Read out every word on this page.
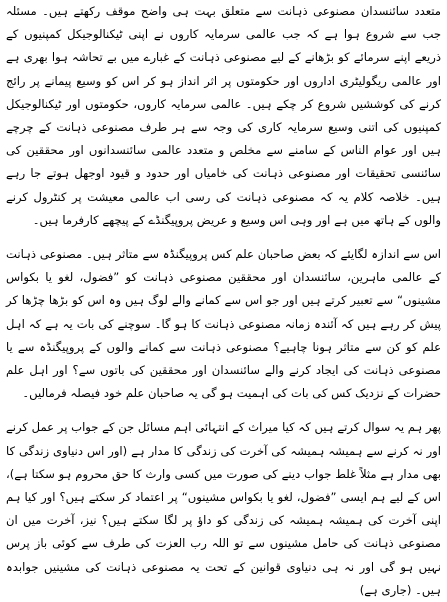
متعدد سائنسدان مصنوعی ذہانت سے متعلق بہت ہی واضح موقف رکھتے ہیں۔ مسئلہ جب سے شروع ہوا ہے کہ جب عالمی سرمایہ کاروں نے اپنی ٹیکنالوجیکل کمپنیوں کے ذریعے اپنے سرمائے کو بڑھانے کے لیے مصنوعی ذہانت کے غبارے میں بے تحاشہ ہوا بھری ہے اور عالمی ریگولیٹری اداروں اور حکومتوں پر اثر انداز ہو کر اس کو وسیع پیمانے پر رائج کرنے کی کوششیں شروع کر چکے ہیں۔ عالمی سرمایہ کاروں، حکومتوں اور ٹیکنالوجیکل کمپنیوں کی اتنی وسیع سرمایہ کاری کی وجہ سے ہر طرف مصنوعی ذہانت کے چرچے ہیں اور عوام الناس کے سامنے سے مخلص و متعدد عالمی سائنسدانوں اور محققین کی سائنسی تحقیقات اور مصنوعی ذہانت کی خامیاں اور حدود و قیود اوجھل ہوتے جا رہے ہیں۔ خلاصہ کلام یہ کہ مصنوعی ذہانت کی رسی اب عالمی معیشت پر کنٹرول کرنے والوں کے ہاتھ میں ہے اور وہی اس وسیع و عریض پروپیگنڈے کے پیچھے کارفرما ہیں۔

اس سے اندازہ لگایئے کہ بعض صاحبان علم کس پروپیگنڈہ سے متاثر ہیں۔ مصنوعی ذہانت کے عالمی ماہرین، سائنسدان اور محققین مصنوعی ذہانت کو ”فضول، لغو یا بکواس مشینوں“ سے تعبیر کرتے ہیں اور جو اس سے کمانے والے لوگ ہیں وہ اس کو بڑھا چڑھا کر پیش کر رہے ہیں کہ آئندہ زمانہ مصنوعی ذہانت کا ہو گا۔ سوچنے کی بات یہ ہے کہ اہل علم کو کن سے متاثر ہونا چاہیے؟ مصنوعی ذہانت سے کمانے والوں کے پروپیگنڈہ سے یا مصنوعی ذہانت کی ایجاد کرنے والے سائنسدان اور محققین کی باتوں سے؟ اور اہل علم حضرات کے نزدیک کس کی بات کی اہمیت ہو گی یہ صاحبان علم خود فیصلہ فرمالیں۔

پھر ہم یہ سوال کرتے ہیں کہ کیا میراث کے انتہائی اہم مسائل جن کے جواب پر عمل کرنے اور نہ کرنے سے ہمیشہ ہمیشہ کی آخرت کی زندگی کا مدار ہے (اور اس دنیاوی زندگی کا بھی مدار ہے مثلاً غلط جواب دینے کی صورت میں کسی وارث کا حق محروم ہو سکتا ہے)، اس کے لیے ہم ایسی ”فضول، لغو یا بکواس مشینوں“ پر اعتماد کر سکتے ہیں؟ اور کیا ہم اپنی آخرت کی ہمیشہ ہمیشہ کی زندگی کو داؤ پر لگا سکتے ہیں؟ نیز، آخرت میں ان مصنوعی ذہانت کی حامل مشینوں سے تو اللہ رب العزت کی طرف سے کوئی باز پرس نہیں ہو گی اور نہ ہی دنیاوی قوانین کے تحت یہ مصنوعی ذہانت کی مشینیں جوابدہ ہیں۔ (جاری ہے)
